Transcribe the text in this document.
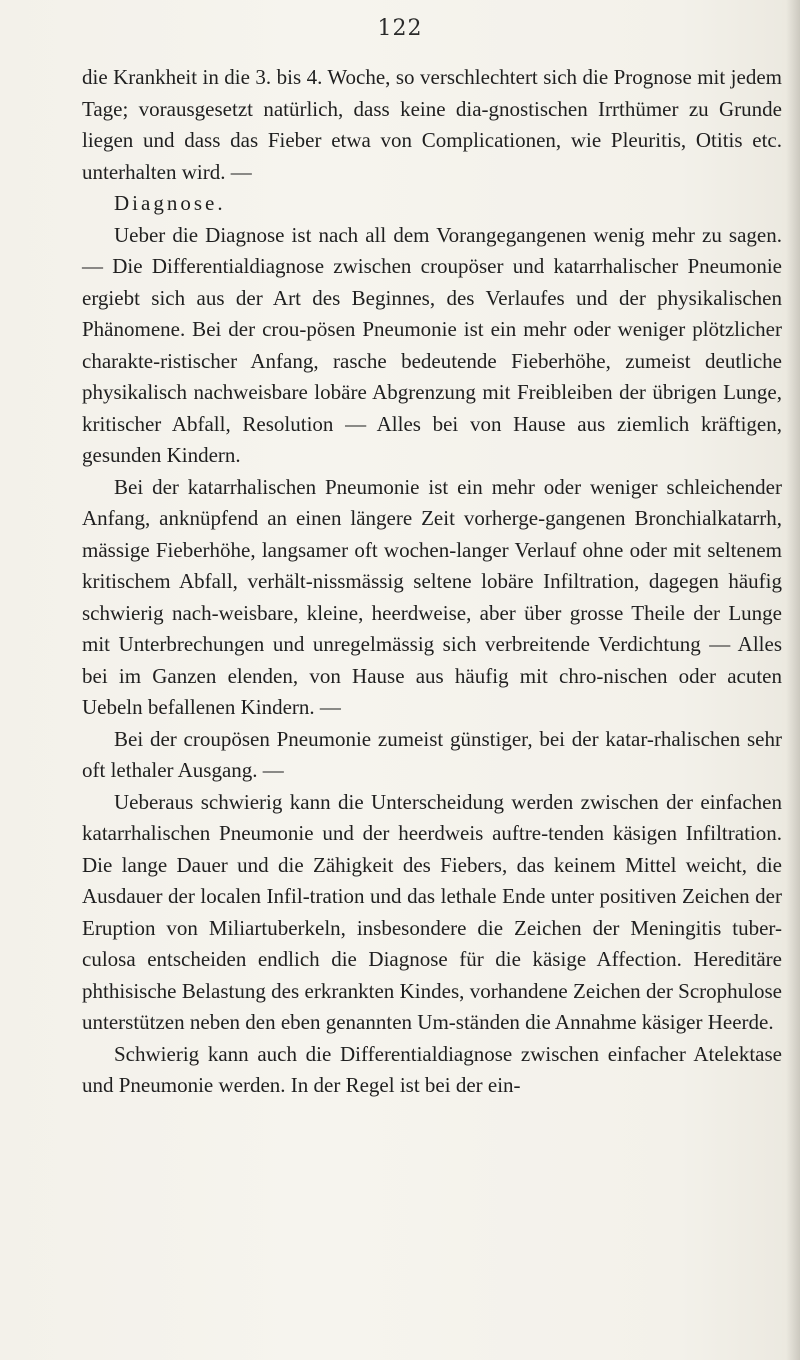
122

die Krankheit in die 3. bis 4. Woche, so verschlechtert sich die Prognose mit jedem Tage; vorausgesetzt natürlich, dass keine dia-gnostischen Irrthümer zu Grunde liegen und dass das Fieber etwa von Complicationen, wie Pleuritis, Otitis etc. unterhalten wird. —

Diagnose.

Ueber die Diagnose ist nach all dem Vorangegangenen wenig mehr zu sagen. — Die Differentialdiagnose zwischen croupöser und katarrhalischer Pneumonie ergiebt sich aus der Art des Beginnes, des Verlaufes und der physikalischen Phänomene. Bei der crou-pösen Pneumonie ist ein mehr oder weniger plötzlicher charakte-ristischer Anfang, rasche bedeutende Fieberhöhe, zumeist deutliche physikalisch nachweisbare lobäre Abgrenzung mit Freibleiben der übrigen Lunge, kritischer Abfall, Resolution — Alles bei von Hause aus ziemlich kräftigen, gesunden Kindern.

Bei der katarrhalischen Pneumonie ist ein mehr oder weniger schleichender Anfang, anknüpfend an einen längere Zeit vorherge-gangenen Bronchialkatarrh, mässige Fieberhöhe, langsamer oft wochen-langer Verlauf ohne oder mit seltenem kritischem Abfall, verhält-nissmässig seltene lobäre Infiltration, dagegen häufig schwierig nach-weisbare, kleine, heerdweise, aber über grosse Theile der Lunge mit Unterbrechungen und unregelmässig sich verbreitende Verdichtung — Alles bei im Ganzen elenden, von Hause aus häufig mit chro-nischen oder acuten Uebeln befallenen Kindern. —

Bei der croupösen Pneumonie zumeist günstiger, bei der katar-rhalischen sehr oft lethaler Ausgang. —

Ueberaus schwierig kann die Unterscheidung werden zwischen der einfachen katarrhalischen Pneumonie und der heerdweis auftre-tenden käsigen Infiltration. Die lange Dauer und die Zähigkeit des Fiebers, das keinem Mittel weicht, die Ausdauer der localen Infil-tration und das lethale Ende unter positiven Zeichen der Eruption von Miliartuberkeln, insbesondere die Zeichen der Meningitis tuber-culosa entscheiden endlich die Diagnose für die käsige Affection. Hereditäre phthisische Belastung des erkrankten Kindes, vorhandene Zeichen der Scrophulose unterstützen neben den eben genannten Um-ständen die Annahme käsiger Heerde.

Schwierig kann auch die Differentialdiagnose zwischen einfacher Atelektase und Pneumonie werden. In der Regel ist bei der ein-
